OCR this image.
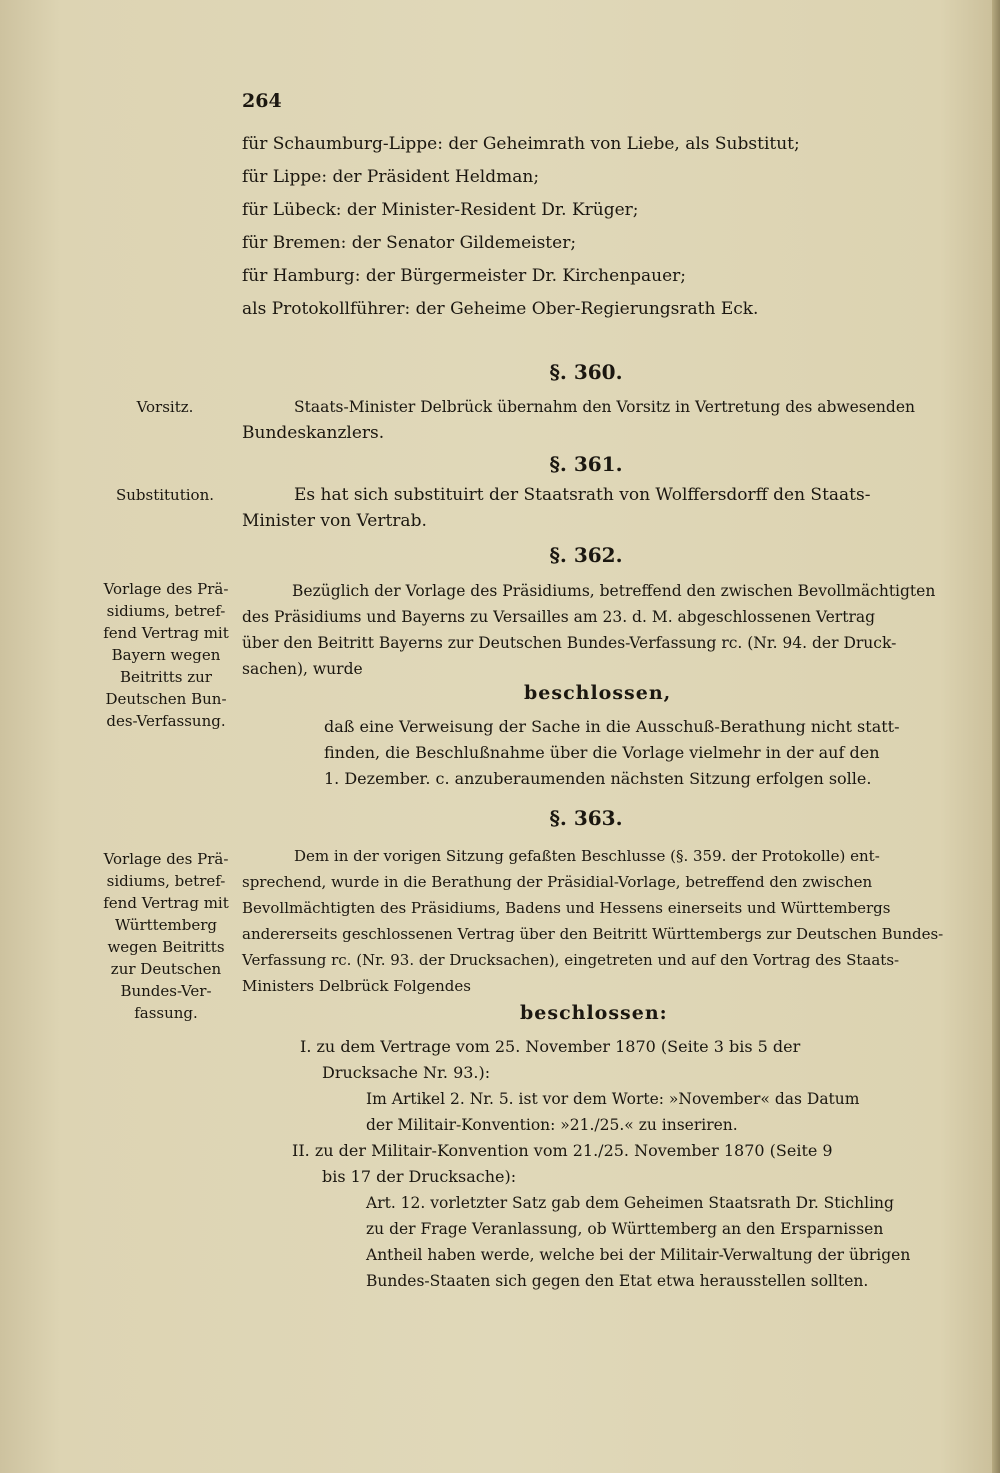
264
für Schaumburg-Lippe: der Geheimrath von Liebe, als Substitut;
für Lippe: der Präsident Heldman;
für Lübeck: der Minister-Resident Dr. Krüger;
für Bremen: der Senator Gildemeister;
für Hamburg: der Bürgermeister Dr. Kirchenpauer;
als Protokollführer: der Geheime Ober-Regierungsrath Eck.
§. 360.
Vorsitz.	Staats-Minister Delbrück übernahm den Vorsitz in Vertretung des abwesenden
Bundeskanzlers.
§. 361.
Substitution.	Es hat sich substituirt der Staatsrath von Wolffersdorff den Staats-
Minister von Vertrab.
§. 362.
Vorlage des Prä-
sidiums, betref-
fend Vertrag mit
Bayern wegen
Beitritts zur
Deutschen Bun-
des-Verfassung.
Bezüglich der Vorlage des Präsidiums, betreffend den zwischen Bevollmächtigten
des Präsidiums und Bayerns zu Versailles am 23. d. M. abgeschlossenen Vertrag
über den Beitritt Bayerns zur Deutschen Bundes-Verfassung rc. (Nr. 94. der Druck-
sachen), wurde
beschlossen,
daß eine Verweisung der Sache in die Ausschuß-Berathung nicht statt-
finden, die Beschlußnahme über die Vorlage vielmehr in der auf den
1. Dezember. c. anzuberaumenden nächsten Sitzung erfolgen solle.
§. 363.
Vorlage des Prä-
sidiums, betref-
fend Vertrag mit
Württemberg
wegen Beitritts
zur Deutschen
Bundes-Ver-
fassung.
Dem in der vorigen Sitzung gefaßten Beschlusse (§. 359. der Protokolle) ent-
sprechend, wurde in die Berathung der Präsidial-Vorlage, betreffend den zwischen
Bevollmächtigten des Präsidiums, Badens und Hessens einerseits und Württembergs
andererseits geschlossenen Vertrag über den Beitritt Württembergs zur Deutschen Bundes-
Verfassung rc. (Nr. 93. der Drucksachen), eingetreten und auf den Vortrag des Staats-
Ministers Delbrück Folgendes
beschlossen:
I. zu dem Vertrage vom 25. November 1870 (Seite 3 bis 5 der
Drucksache Nr. 93.):
Im Artikel 2. Nr. 5. ist vor dem Worte: »November« das Datum
der Militair-Konvention: »21./25.« zu inseriren.
II. zu der Militair-Konvention vom 21./25. November 1870 (Seite 9
bis 17 der Drucksache):
Art. 12. vorletzter Satz gab dem Geheimen Staatsrath Dr. Stichling
zu der Frage Veranlassung, ob Württemberg an den Ersparnissen
Antheil haben werde, welche bei der Militair-Verwaltung der übrigen
Bundes-Staaten sich gegen den Etat etwa herausstellen sollten.
